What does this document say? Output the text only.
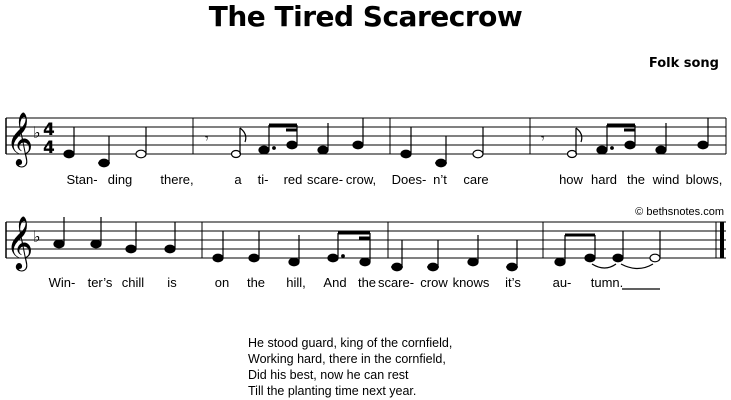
The Tired Scarecrow
Folk song
© bethsnotes.com
𝄞
𝄞
♭
♭
4
4	𝄾	𝄾
Stan- ding there,	a ti- red scare- crow, Does- n’t care	how hard the wind blows,
Win- ter’s chill is	on the hill, And the scare- crow knows it’s au- tumn.
He stood guard, king of the cornfield,
Working hard, there in the cornfield,
Did his best, now he can rest
Till the planting time next year.
